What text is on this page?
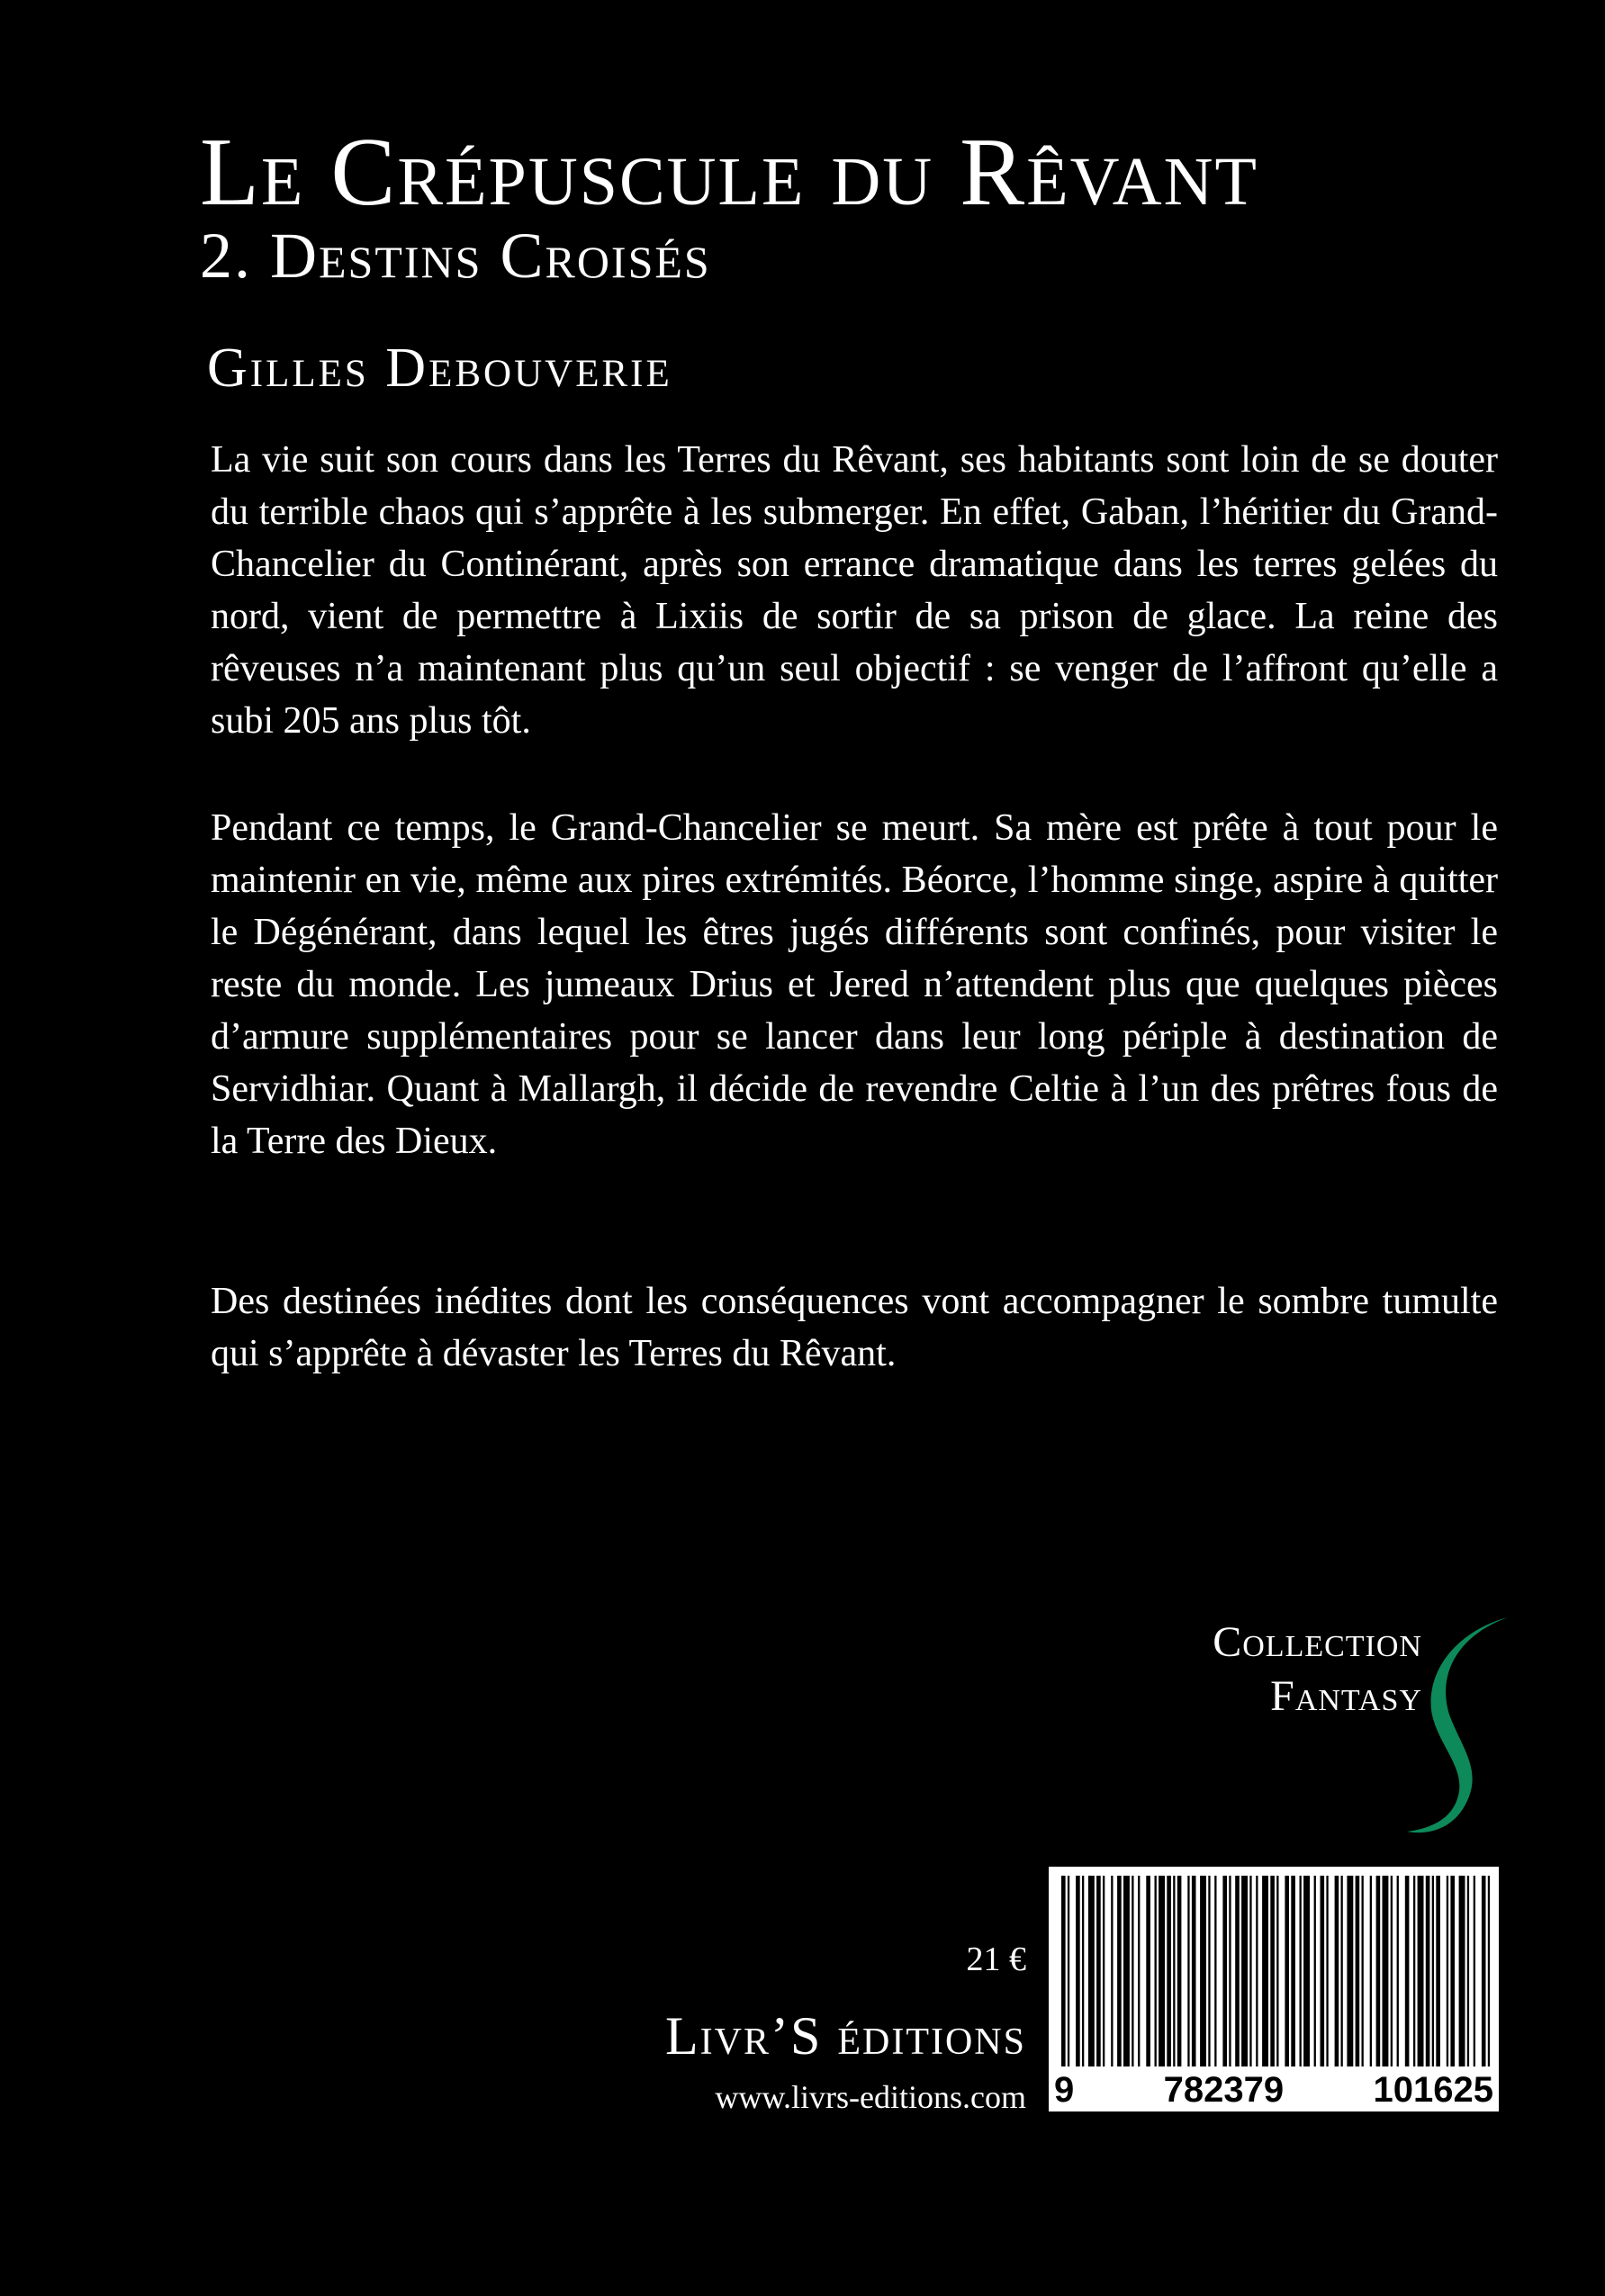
Le Crépuscule du Rêvant
2. Destins Croisés
Gilles Debouverie

La vie suit son cours dans les Terres du Rêvant, ses habitants sont loin de se douter du terrible chaos qui s’apprête à les submerger. En effet, Gaban, l’héritier du Grand-Chancelier du Continérant, après son errance dramatique dans les terres gelées du nord, vient de permettre à Lixiis de sortir de sa prison de glace. La reine des rêveuses n’a maintenant plus qu’un seul objectif : se venger de l’affront qu’elle a subi 205 ans plus tôt.

Pendant ce temps, le Grand-Chancelier se meurt. Sa mère est prête à tout pour le maintenir en vie, même aux pires extrémités. Béorce, l’homme singe, aspire à quitter le Dégénérant, dans lequel les êtres jugés différents sont confinés, pour visiter le reste du monde. Les jumeaux Drius et Jered n’attendent plus que quelques pièces d’armure supplémentaires pour se lancer dans leur long périple à destination de Servidhiar. Quant à Mallargh, il décide de revendre Celtie à l’un des prêtres fous de la Terre des Dieux.

Des destinées inédites dont les conséquences vont accompagner le sombre tumulte qui s’apprête à dévaster les Terres du Rêvant.

Collection
Fantasy
21 €
Livr’S éditions
www.livrs-editions.com 9 782379 101625
